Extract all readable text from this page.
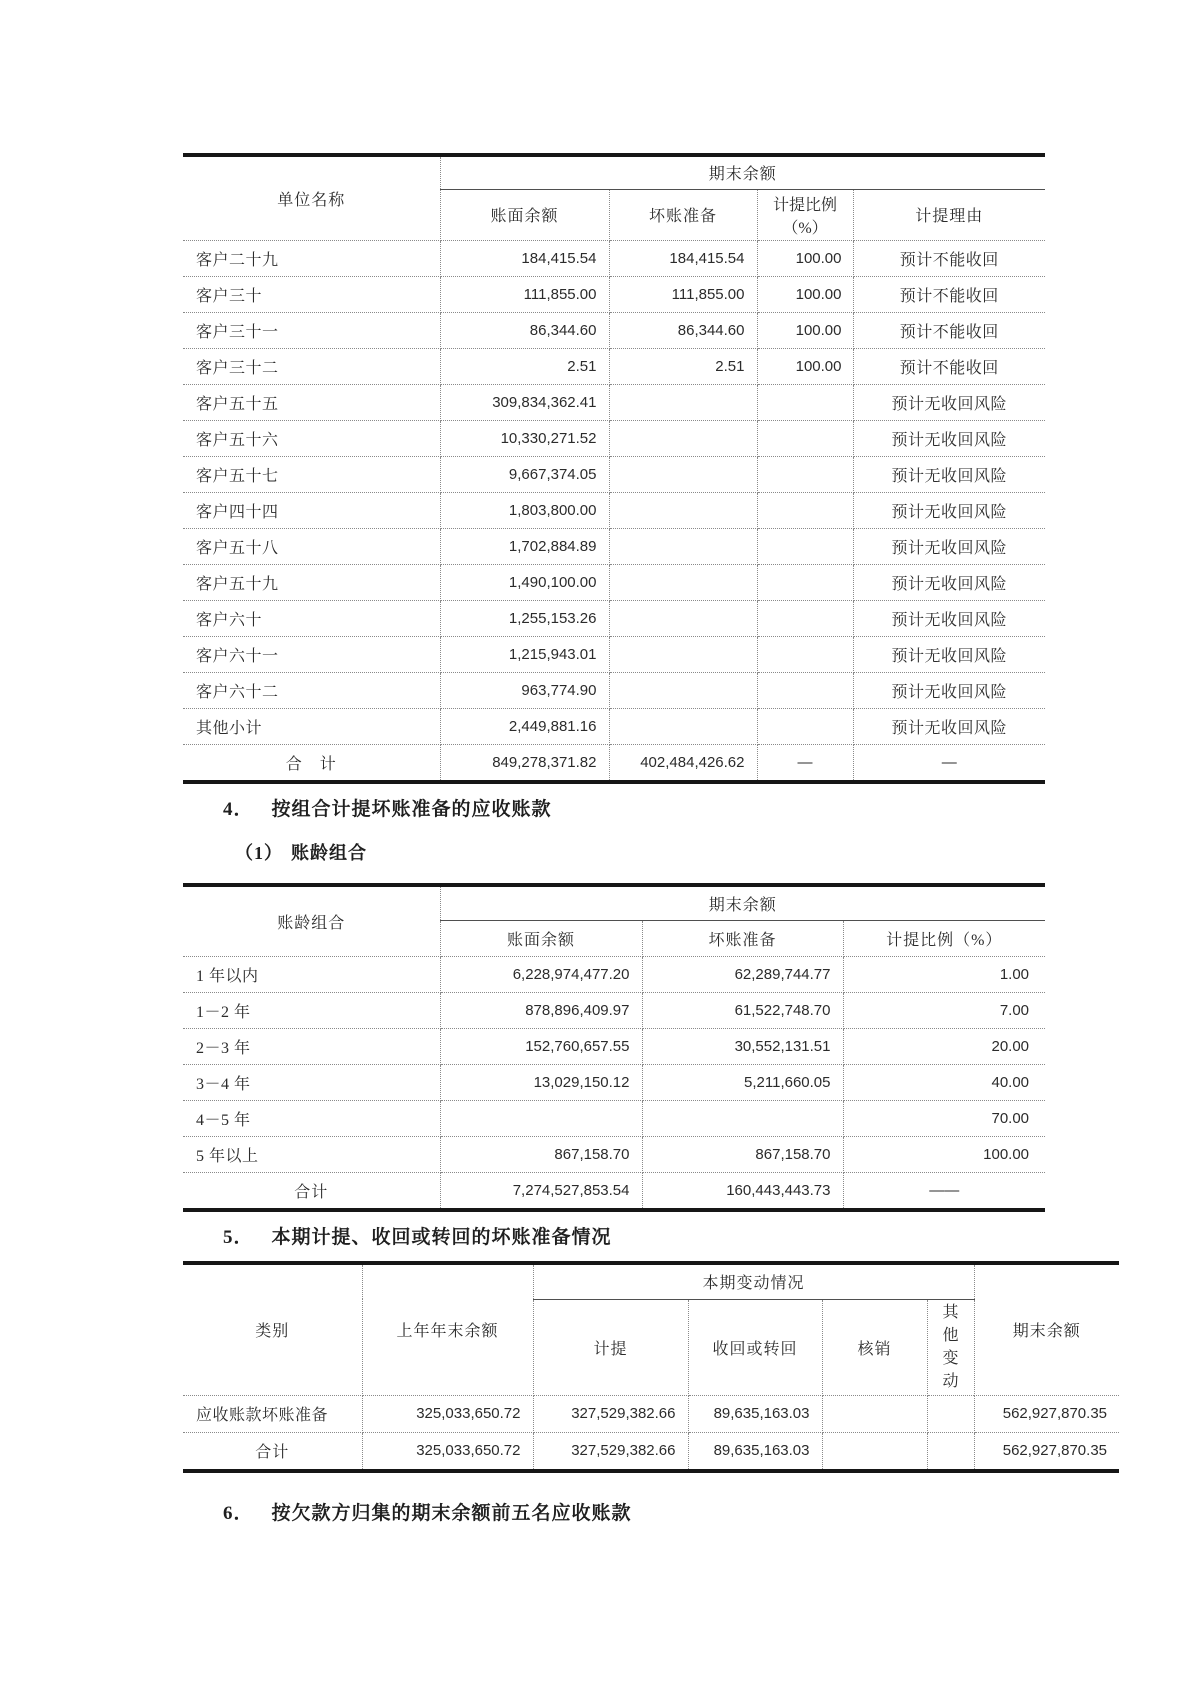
单位名称	期末余额			
	账面余额	坏账准备	计提比例（%）	计提理由
客户二十九	184,415.54	184,415.54	100.00	预计不能收回
客户三十	111,855.00	111,855.00	100.00	预计不能收回
客户三十一	86,344.60	86,344.60	100.00	预计不能收回
客户三十二	2.51	2.51	100.00	预计不能收回
客户五十五	309,834,362.41			预计无收回风险
客户五十六	10,330,271.52			预计无收回风险
客户五十七	9,667,374.05			预计无收回风险
客户四十四	1,803,800.00			预计无收回风险
客户五十八	1,702,884.89			预计无收回风险
客户五十九	1,490,100.00			预计无收回风险
客户六十	1,255,153.26			预计无收回风险
客户六十一	1,215,943.01			预计无收回风险
客户六十二	963,774.90			预计无收回风险
其他小计	2,449,881.16			预计无收回风险
合　计	849,278,371.82	402,484,426.62	—	—
4． 按组合计提坏账准备的应收账款
（1） 账龄组合
账龄组合	期末余额		
	账面余额	坏账准备	计提比例（%）
1 年以内	6,228,974,477.20	62,289,744.77	1.00
1－2 年	878,896,409.97	61,522,748.70	7.00
2－3 年	152,760,657.55	30,552,131.51	20.00
3－4 年	13,029,150.12	5,211,660.05	40.00
4－5 年			70.00
5 年以上	867,158.70	867,158.70	100.00
合计	7,274,527,853.54	160,443,443.73	——
5． 本期计提、收回或转回的坏账准备情况
类别	上年年末余额	本期变动情况				期末余额
		计提	收回或转回	核销	其他变动	
应收账款坏账准备	325,033,650.72	327,529,382.66	89,635,163.03			562,927,870.35
合计	325,033,650.72	327,529,382.66	89,635,163.03			562,927,870.35
6． 按欠款方归集的期末余额前五名应收账款
